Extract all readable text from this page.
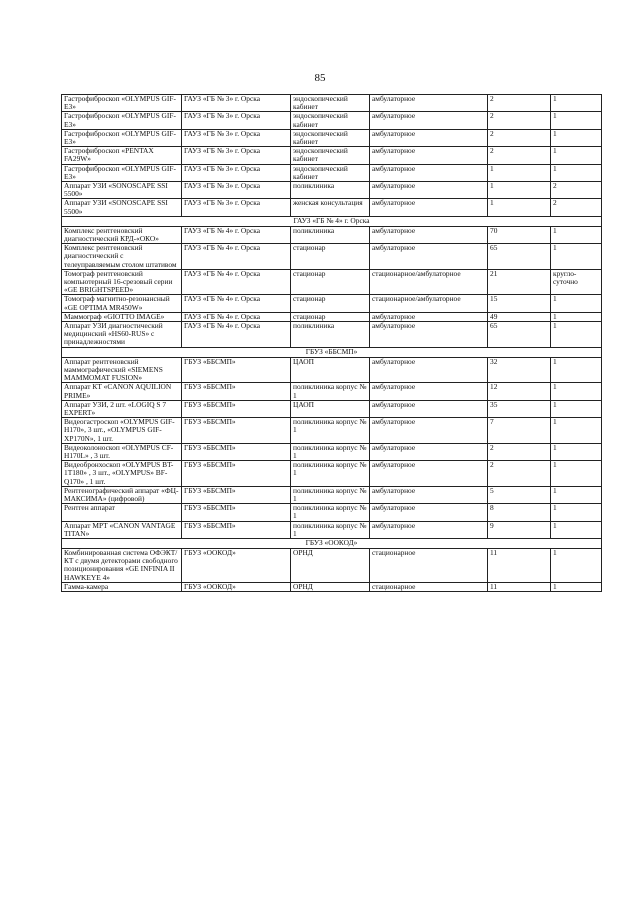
85
Гастрофиброскоп «OLYMPUS GIF-E3»	ГАУЗ «ГБ № 3» г. Орска	эндоскопический кабинет	амбулаторное	2	1
Гастрофиброскоп «OLYMPUS GIF-E3»	ГАУЗ «ГБ № 3» г. Орска	эндоскопический кабинет	амбулаторное	2	1
Гастрофиброскоп «OLYMPUS GIF-E3»	ГАУЗ «ГБ № 3» г. Орска	эндоскопический кабинет	амбулаторное	2	1
Гастрофиброскоп «PENTAX FA29W»	ГАУЗ «ГБ № 3» г. Орска	эндоскопический кабинет	амбулаторное	2	1
Гастрофиброскоп «OLYMPUS GIF-E3»	ГАУЗ «ГБ № 3» г. Орска	эндоскопический кабинет	амбулаторное	1	1
Аппарат УЗИ «SONOSCAPE SSI 5500»	ГАУЗ «ГБ № 3» г. Орска	поликлиника	амбулаторное	1	2
Аппарат УЗИ «SONOSCAPE SSI 5500»	ГАУЗ «ГБ № 3» г. Орска	женская консультация	амбулаторное	1	2
ГАУЗ «ГБ № 4» г. Орска					
Комплекс рентгеновский диагностический КРД-«ОКО»	ГАУЗ «ГБ № 4» г. Орска	поликлиника	амбулаторное	70	1
Комплекс рентгеновский диагностический с телеуправляемым столом штативом	ГАУЗ «ГБ № 4» г. Орска	стационар	амбулаторное	65	1
Томограф рентгеновский компьютерный 16-срезовый серии «GE BRIGHTSPEED»	ГАУЗ «ГБ № 4» г. Орска	стационар	стационарное/амбулаторное	21	кругло-суточно
Томограф магнитно-резонансный «GE OPTIMA MR450W»	ГАУЗ «ГБ № 4» г. Орска	стационар	стационарное/амбулаторное	15	1
Маммограф «GIOTTO IMAGE»	ГАУЗ «ГБ № 4» г. Орска	стационар	амбулаторное	49	1
Аппарат УЗИ диагностический медицинский «HS60-RUS» с принадлежностями	ГАУЗ «ГБ № 4» г. Орска	поликлиника	амбулаторное	65	1
ГБУЗ «ББСМП»					
Аппарат рентгеновский маммографический «SIEMENS MAMMOMAT FUSION»	ГБУЗ «ББСМП»	ЦАОП	амбулаторное	32	1
Аппарат КТ «CANON AQUILION PRIME»	ГБУЗ «ББСМП»	поликлиника корпус № 1	амбулаторное	12	1
Аппарат УЗИ, 2 шт. «LOGIQ S 7 EXPERT»	ГБУЗ «ББСМП»	ЦАОП	амбулаторное	35	1
Видеогастроскоп «OLYMPUS GIF- H170», 3 шт., «OLYMPUS GIF- XP170N», 1 шт.	ГБУЗ «ББСМП»	поликлиника корпус № 1	амбулаторное	7	1
Видеоколоноскоп «OLYMPUS CF- H170L» , 3 шт.	ГБУЗ «ББСМП»	поликлиника корпус № 1	амбулаторное	2	1
Видеобронхоскоп «OLYMPUS BT-1T180» , 3 шт., «OLYMPUS» BF-Q170» , 1 шт.	ГБУЗ «ББСМП»	поликлиника корпус № 1	амбулаторное	2	1
Рентгенографический аппарат «ФЦ-МАКСИМА» (цифровой)	ГБУЗ «ББСМП»	поликлиника корпус № 1	амбулаторное	5	1
Рентген аппарат	ГБУЗ «ББСМП»	поликлиника корпус № 1	амбулаторное	8	1
Аппарат МРТ «CANON VANTAGE TITAN»	ГБУЗ «ББСМП»	поликлиника корпус № 1	амбулаторное	9	1
ГБУЗ «ООКОД»					
Комбинированная система ОФЭКТ/КТ с двумя детекторами свободного позиционирования «GE INFINIA II HAWKEYE 4»	ГБУЗ «ООКОД»	ОРНД	стационарное	11	1
Гамма-камера	ГБУЗ «ООКОД»	ОРНД	стационарное	11	1
